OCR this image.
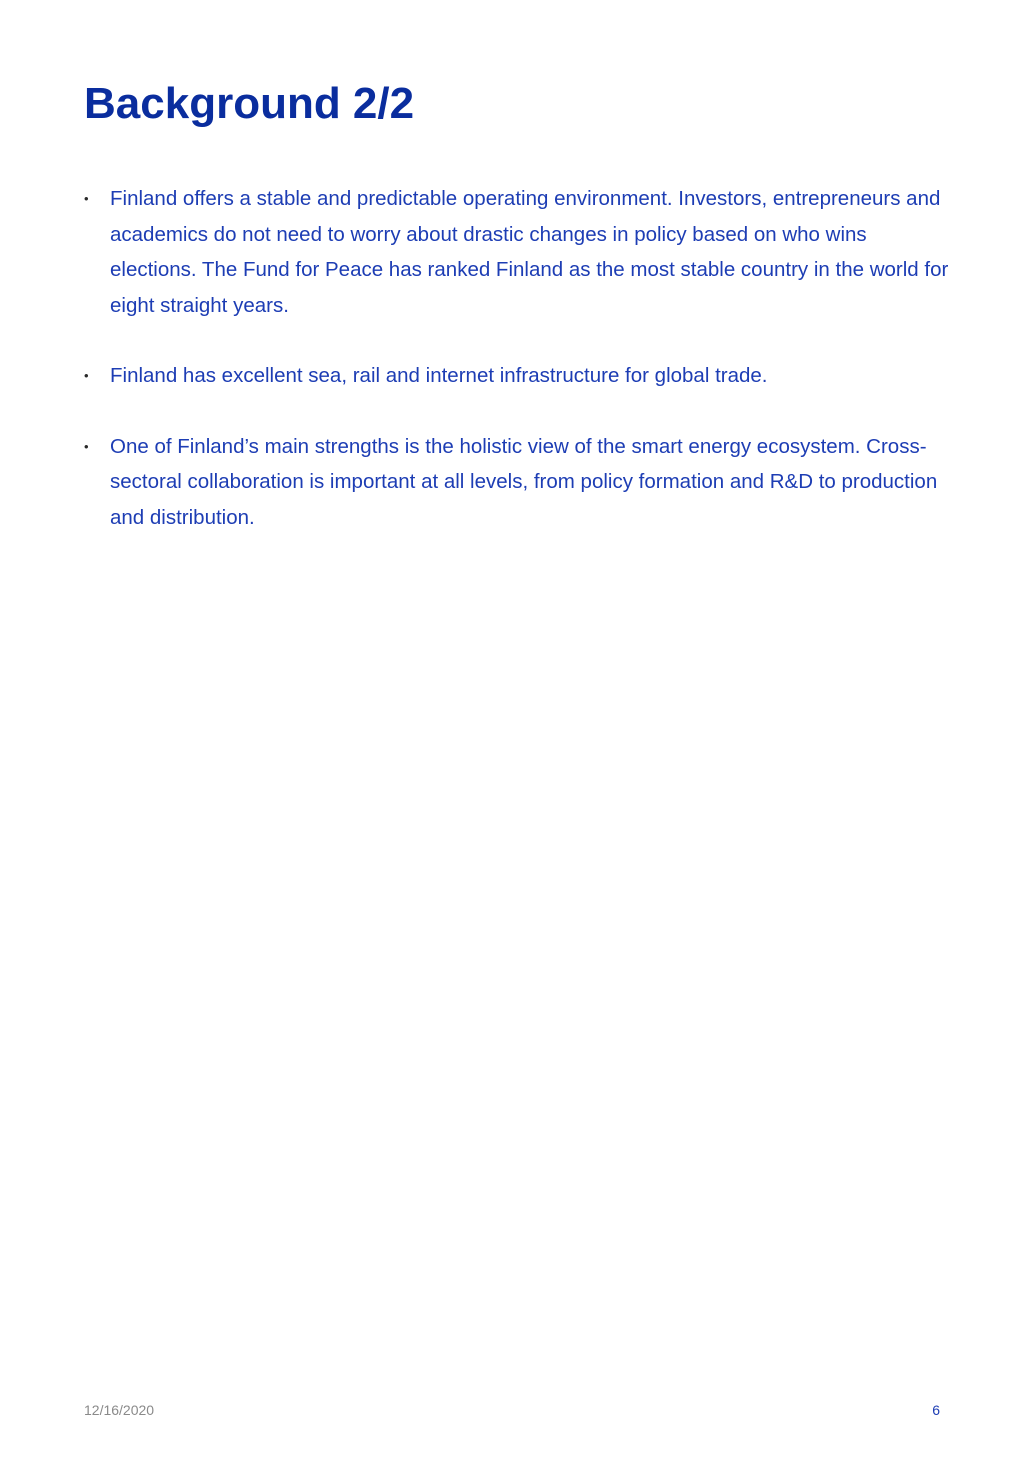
Background 2/2
• Finland offers a stable and predictable operating environment. Investors, entrepreneurs and academics do not need to worry about drastic changes in policy based on who wins elections. The Fund for Peace has ranked Finland as the most stable country in the world for eight straight years.
• Finland has excellent sea, rail and internet infrastructure for global trade.
• One of Finland’s main strengths is the holistic view of the smart energy ecosystem. Cross-sectoral collaboration is important at all levels, from policy formation and R&D to production and distribution.
12/16/2020	6
